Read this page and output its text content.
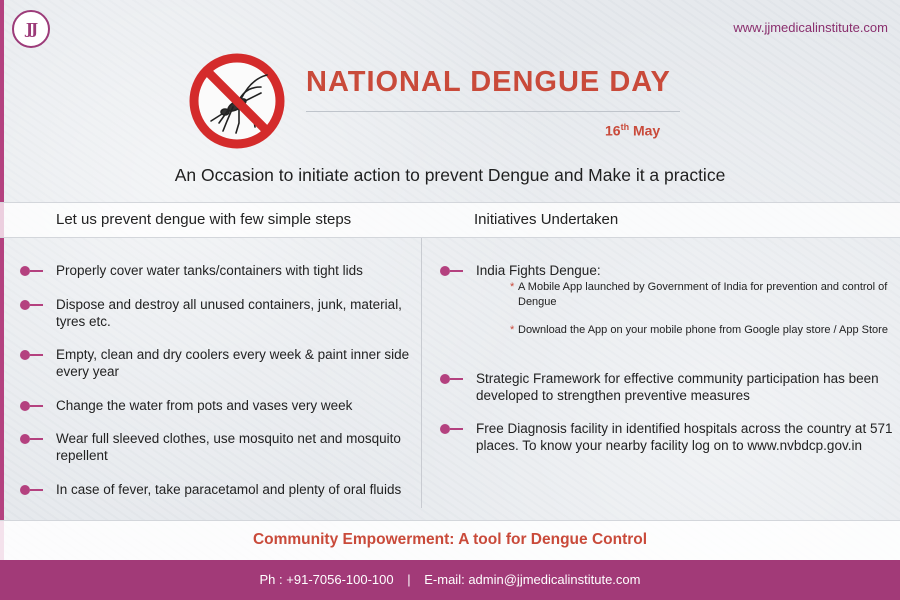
JJ	www.jjmedicalinstitute.com
NATIONAL DENGUE DAY
16th May
An Occasion to initiate action to prevent Dengue and Make it a practice
Let us prevent dengue with few simple steps	Initiatives Undertaken
Properly cover water tanks/containers with tight lids
Dispose and destroy all unused containers, junk, material, tyres etc.
Empty, clean and dry coolers every week & paint inner side every year
Change the water from pots and vases very week
Wear full sleeved clothes, use mosquito net and mosquito repellent
In case of fever, take paracetamol and plenty of oral fluids
India Fights Dengue:
* A Mobile App launched by Government of India for prevention and control of Dengue
* Download the App on your mobile phone from Google play store / App Store
Strategic Framework for effective community participation has been developed to strengthen preventive measures
Free Diagnosis facility in identified hospitals across the country at 571 places. To know your nearby facility log on to www.nvbdcp.gov.in
Community Empowerment: A tool for Dengue Control
Ph : +91-7056-100-100 | E-mail: admin@jjmedicalinstitute.com
